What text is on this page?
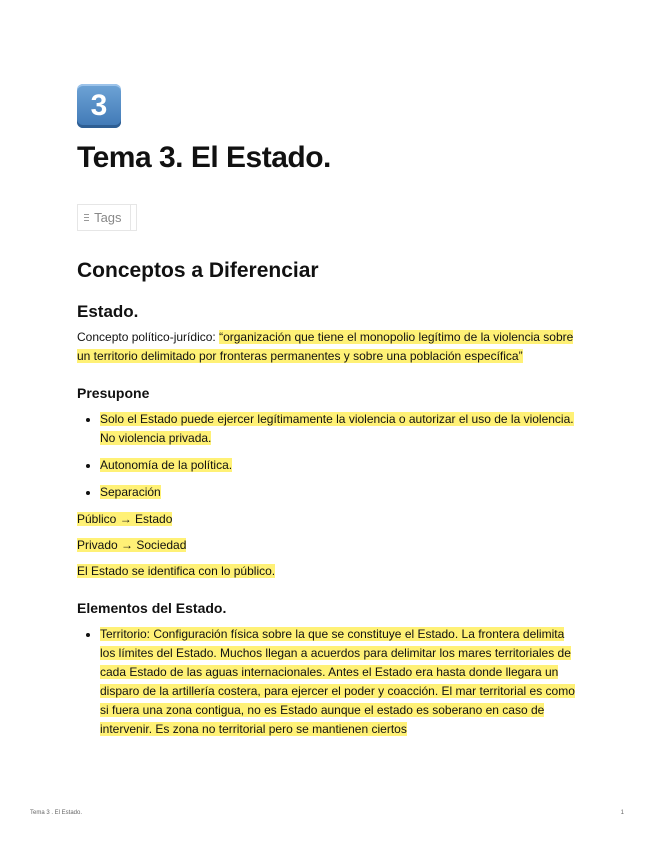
3
Tema 3. El Estado.
Tags
Conceptos a Diferenciar
Estado.

Concepto político-jurídico: “organización que tiene el monopolio legítimo de la violencia sobre un territorio delimitado por fronteras permanentes y sobre una población específica”

Presupone
• Solo el Estado puede ejercer legítimamente la violencia o autorizar el uso de la violencia. No violencia privada.
• Autonomía de la política.
• Separación

Público → Estado

Privado → Sociedad

El Estado se identifica con lo público.

Elementos del Estado.
• Territorio: Configuración física sobre la que se constituye el Estado. La frontera delimita los límites del Estado. Muchos llegan a acuerdos para delimitar los mares territoriales de cada Estado de las aguas internacionales. Antes el Estado era hasta donde llegara un disparo de la artillería costera, para ejercer el poder y coacción. El mar territorial es como si fuera una zona contigua, no es Estado aunque el estado es soberano en caso de intervenir. Es zona no territorial pero se mantienen ciertos
Tema 3 . El Estado.	1
